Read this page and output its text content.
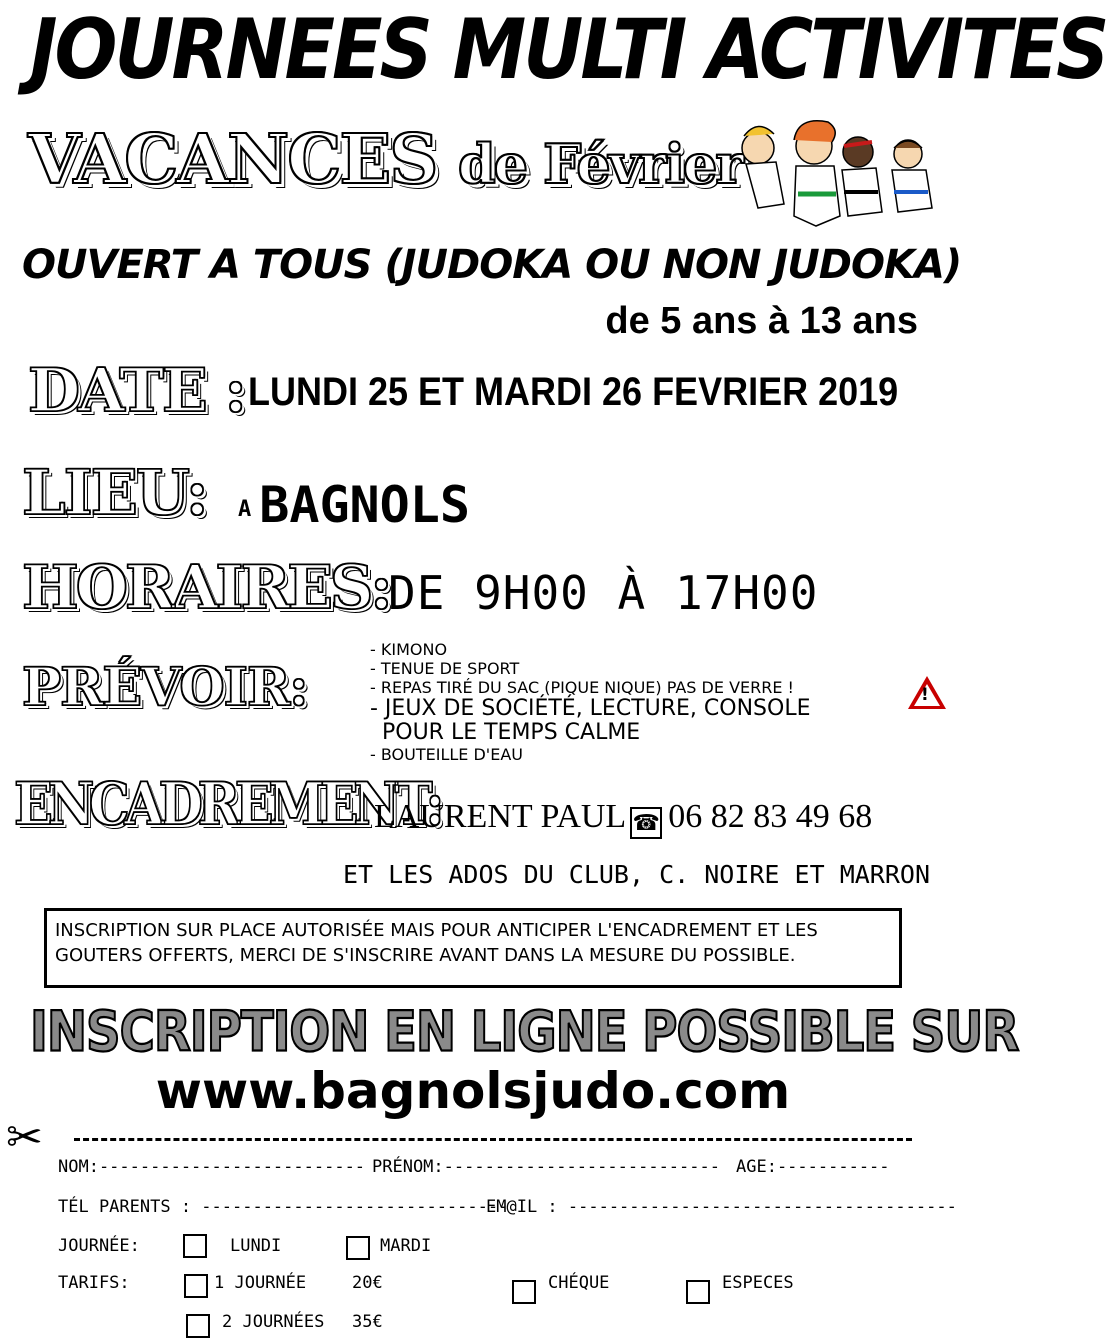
JOURNEES MULTI ACTIVITES
VACANCES de Février
OUVERT A TOUS (JUDOKA OU NON JUDOKA)
de 5 ans à 13 ans
DATE : LUNDI 25 ET MARDI 26 FEVRIER 2019
LIEU: A BAGNOLS
HORAIRES:
DE 9H00 À 17H00
PRÉVOIR:
- KIMONO
- TENUE DE SPORT
- REPAS TIRÉ DU SAC (PIQUE NIQUE) PAS DE VERRE !
- JEUX DE SOCIÉTÉ, LECTURE, CONSOLE
POUR LE TEMPS CALME
- BOUTEILLE D'EAU
!
ENCADREMENT:
LAURENT PAUL ☎ 06 82 83 49 68
ET LES ADOS DU CLUB, C. NOIRE ET MARRON
INSCRIPTION SUR PLACE AUTORISÉE MAIS POUR ANTICIPER L'ENCADREMENT ET LES GOUTERS OFFERTS, MERCI DE S'INSCRIRE AVANT DANS LA MESURE DU POSSIBLE.
INSCRIPTION EN LIGNE POSSIBLE SUR
www.bagnolsjudo.com
✂
NOM:-------------------------- PRÉNOM:--------------------------- AGE:-----------
TÉL PARENTS : ------------------------------
EM@IL : --------------------------------------
JOURNÉE:	LUNDI	MARDI
TARIFS:	1 JOURNÉE	20€	CHÉQUE	ESPECES
2 JOURNÉES 35€
